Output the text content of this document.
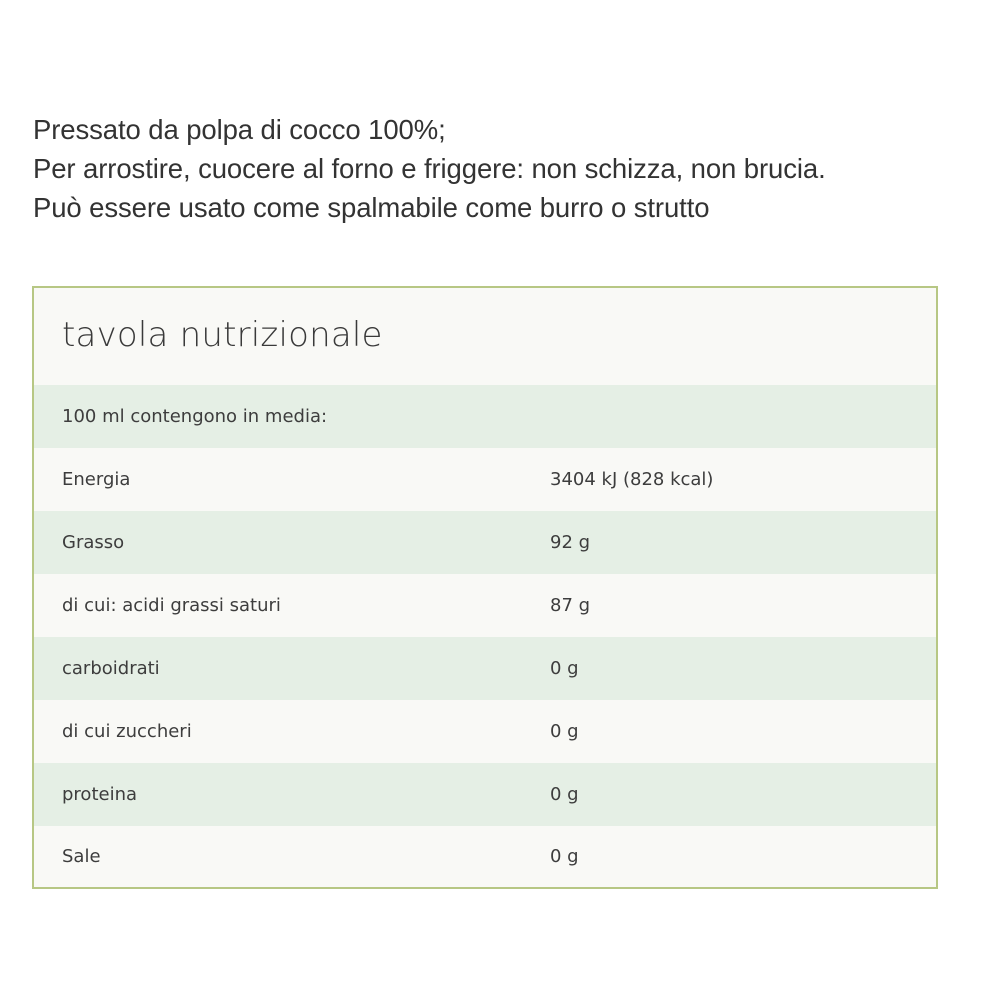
Pressato da polpa di cocco 100%;
Per arrostire, cuocere al forno e friggere: non schizza, non brucia.
Può essere usato come spalmabile come burro o strutto
tavola nutrizionale
100 ml contengono in media:
Energia	3404 kJ (828 kcal)
Grasso	92 g
di cui: acidi grassi saturi	87 g
carboidrati	0 g
di cui zuccheri	0 g
proteina	0 g
Sale	0 g
